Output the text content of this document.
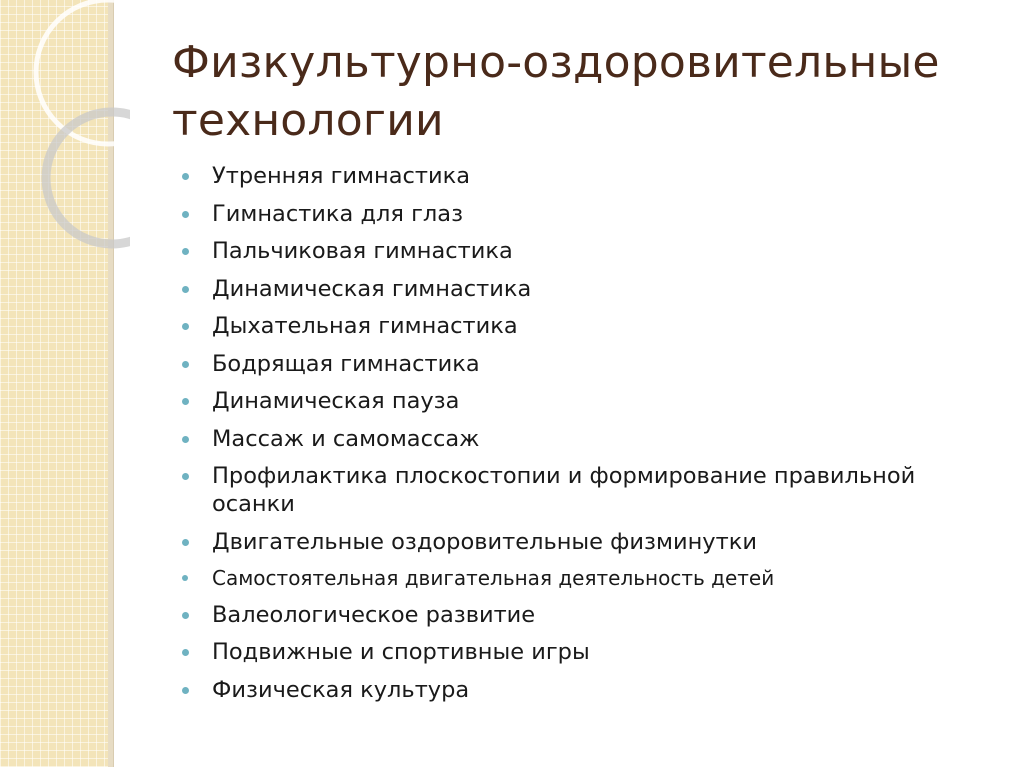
Физкультурно-оздоровительные технологии
Утренняя гимнастика
Гимнастика для глаз
Пальчиковая гимнастика
Динамическая гимнастика
Дыхательная гимнастика
Бодрящая гимнастика
Динамическая пауза
Массаж и самомассаж
Профилактика плоскостопии и формирование правильной осанки
Двигательные оздоровительные физминутки
Самостоятельная двигательная деятельность детей
Валеологическое развитие
Подвижные и спортивные игры
Физическая культура
